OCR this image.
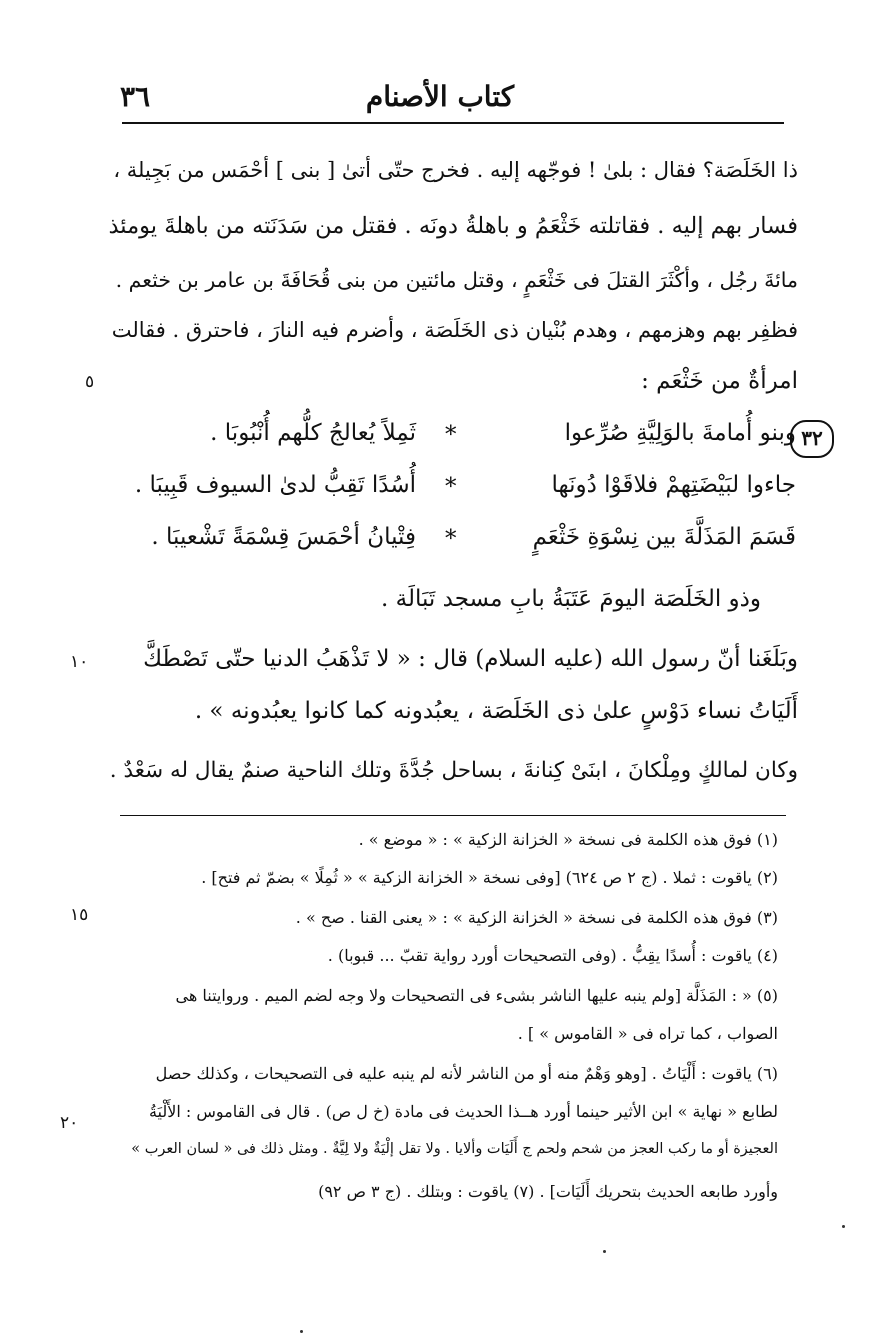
٣٦	كتاب الأصنام
ذا الخَلَصَة؟ فقال : بلىٰ ! فوجّهه إليه . فخرج حتّى أتىٰ [ بنى ] أحْمَس من بَجِيلة ،
فسار بهم إليه . فقاتلته خَثْعَمُ و باهلةُ دونَه . فقتل من سَدَنَته من باهلةَ يومئذ
مائةَ رجُل ، وأكْثَرَ القتلَ فى خَثْعَمٍ ، وقتل مائتين من بنى قُحَافَةَ بن عامر بن خثعم .
فظفِر بهم وهزمهم ، وهدم بُنْيان ذى الخَلَصَة ، وأضرم فيه النارَ ، فاحترق . فقالت
امرأةٌ من خَثْعَم :
وبنو أُمامةَ بالوَلِيَّةِ صُرِّعوا
*
ثَمِلاً يُعالجُ كلُّهم أُنْبُوبَا .
جاءوا لبَيْضَتِهمْ فلاقَوْا دُونَها
*
أُسُدًا تَقِبُّ لدىٰ السيوف قَبِيبَا .
قَسَمَ المَذَلَّةَ بين نِسْوَةِ خَثْعَمٍ
*
فِتْيانُ أحْمَسَ قِسْمَةً تَشْعيبَا .
وذو الخَلَصَة اليومَ عَتَبَةُ بابِ مسجد تَبَالَة .
وبَلَغَنا أنّ رسول الله (عليه السلام) قال : « لا تَذْهَبُ الدنيا حتّى تَصْطَكَّ
أَلَيَاتُ نساء دَوْسٍ علىٰ ذى الخَلَصَة ، يعبُدونه كما كانوا يعبُدونه » .
وكان لمالكٍ ومِلْكانَ ، ابنَىْ كِنانةَ ، بساحل جُدَّةَ وتلك الناحية صنمٌ يقال له سَعْدٌ .
٥
١٠
١٥
٢٠
٣٢
(١) فوق هذه الكلمة فى نسخة « الخزانة الزكية » : « موضع » .
(٢) ياقوت : ثملا . (ج ٢ ص ٦٢٤) [وفى نسخة « الخزانة الزكية » « ثُمِلًا » بضمّ ثم فتح] .
(٣) فوق هذه الكلمة فى نسخة « الخزانة الزكية » : « يعنى القنا . صح » .
(٤) ياقوت : أُسدًا يقِبُّ . (وفى التصحيحات أورد رواية تقبّ ... قبوبا) .
(٥) « : المَذَلَّة [ولم ينبه عليها الناشر بشىء فى التصحيحات ولا وجه لضم الميم . وروايتنا هى
الصواب ، كما تراه فى « القاموس » ] .
(٦) ياقوت : أَلْيَاتُ . [وهو وَهْمٌ منه أو من الناشر لأنه لم ينبه عليه فى التصحيحات ، وكذلك حصل
لطابع « نهاية » ابن الأثير حينما أورد هــذا الحديث فى مادة (خ ل ص) . قال فى القاموس : الأَلْيَةُ
العجيزة أو ما ركب العجز من شحم ولحم ج أَلَيَات وألايا . ولا تقل إلْيَةٌ ولا لِيَّةٌ . ومثل ذلك فى « لسان العرب »
وأورد طابعه الحديث بتحريك أَلَيَات] . (٧) ياقوت : وبتلك . (ج ٣ ص ٩٢)
